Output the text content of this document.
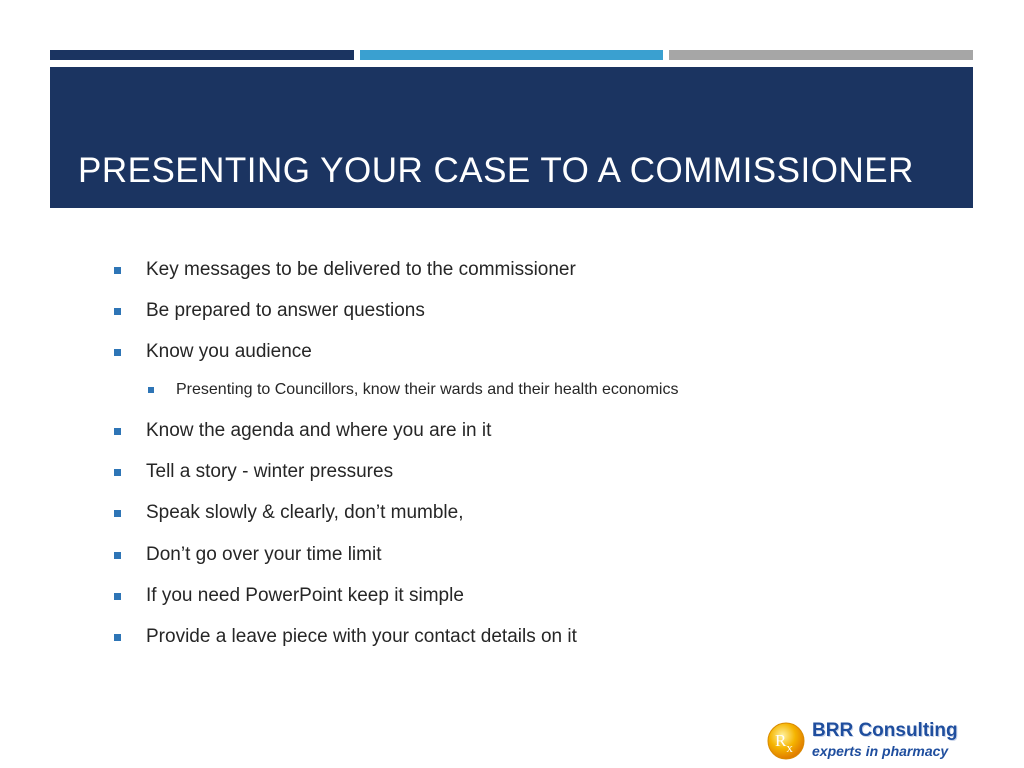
PRESENTING YOUR CASE TO A COMMISSIONER
Key messages to be delivered to the commissioner
Be prepared to answer questions
Know you audience
Presenting to Councillors, know their wards and their health economics
Know the agenda and where you are in it
Tell a story - winter pressures
Speak slowly & clearly, don’t mumble,
Don’t go over your time limit
If you need PowerPoint keep it simple
Provide a leave piece with your contact details on it
$R_x$
BRR Consulting
experts in pharmacy
